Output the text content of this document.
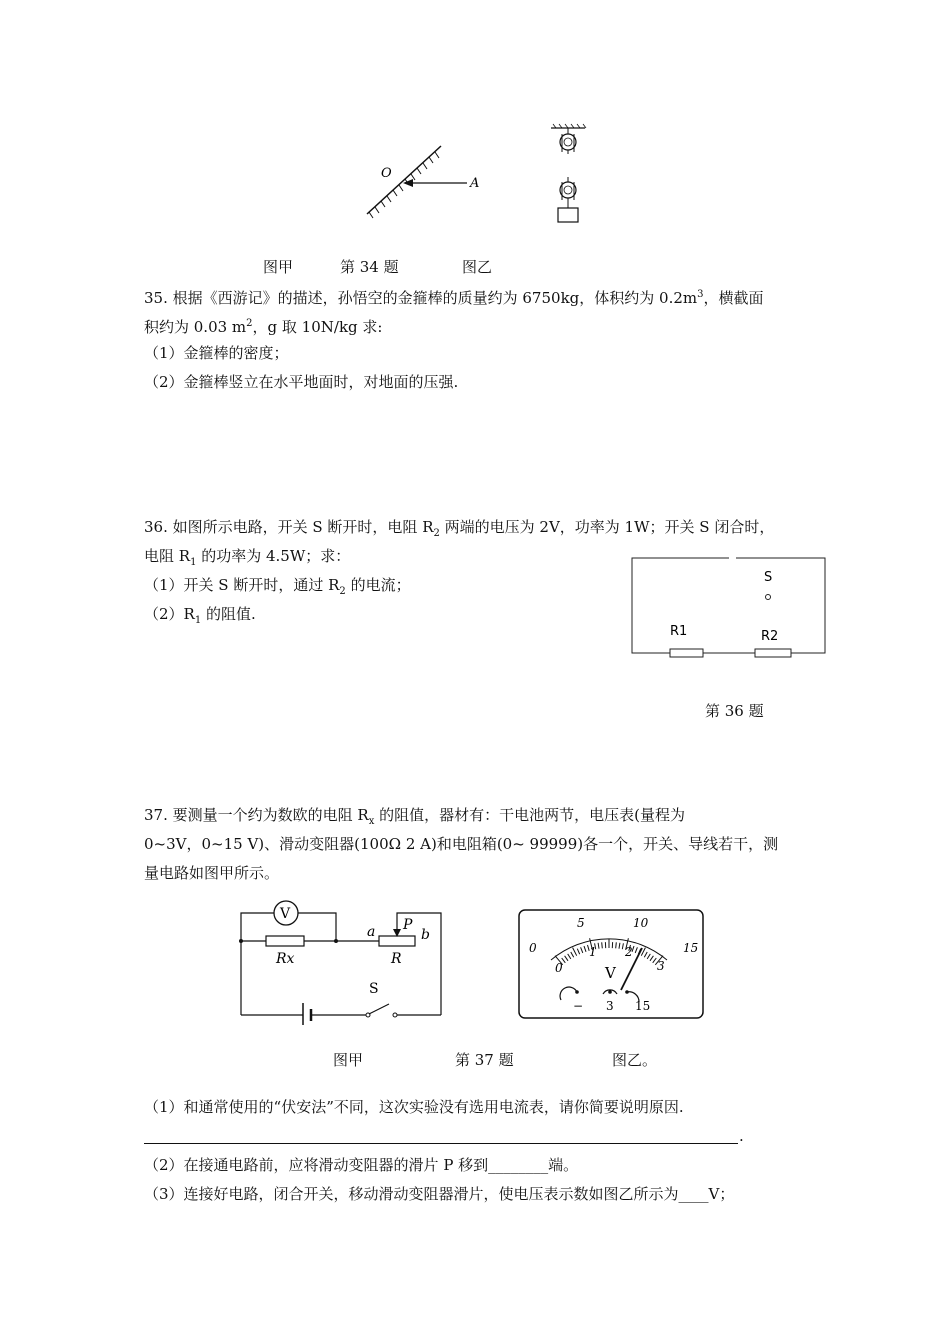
O
A
图甲	第 34 题	图乙
35. 根据《西游记》的描述，孙悟空的金箍棒的质量约为 6750kg，体积约为 $0.2m^3$，横截面
积约为 0.03 $m^2$，g 取 10N/kg 求:
（1）金箍棒的密度；
（2）金箍棒竖立在水平地面时，对地面的压强.
36. 如图所示电路，开关 S 断开时，电阻 $R_2$ 两端的电压为 2V，功率为 1W；开关 S 闭合时，
电阻 $R_1$ 的功率为 4.5W；求：
（1）开关 S 断开时，通过 $R_2$ 的电流；
$(2)R_1$ 的阻值.
S
R1	R2
第 36 题
37. 要测量一个约为数欧的电阻 $R_x$ 的阻值，器材有：干电池两节，电压表(量程为
0~3V，0~15 V)、滑动变阻器(100Ω 2 A)和电阻箱(0~ 99999)各一个，开关、导线若干，测
量电路如图甲所示。
V
Rx	R
a	b
P
S
0
5	10
15
0
1 2
3
V
− 3 15
图甲	第 37 题	图乙。
（1）和通常使用的“伏安法”不同，这次实验没有选用电流表，请你简要说明原因.
.
（2）在接通电路前，应将滑动变阻器的滑片 P 移到________端。
（3）连接好电路，闭合开关，移动滑动变阻器滑片，使电压表示数如图乙所示为____V；
